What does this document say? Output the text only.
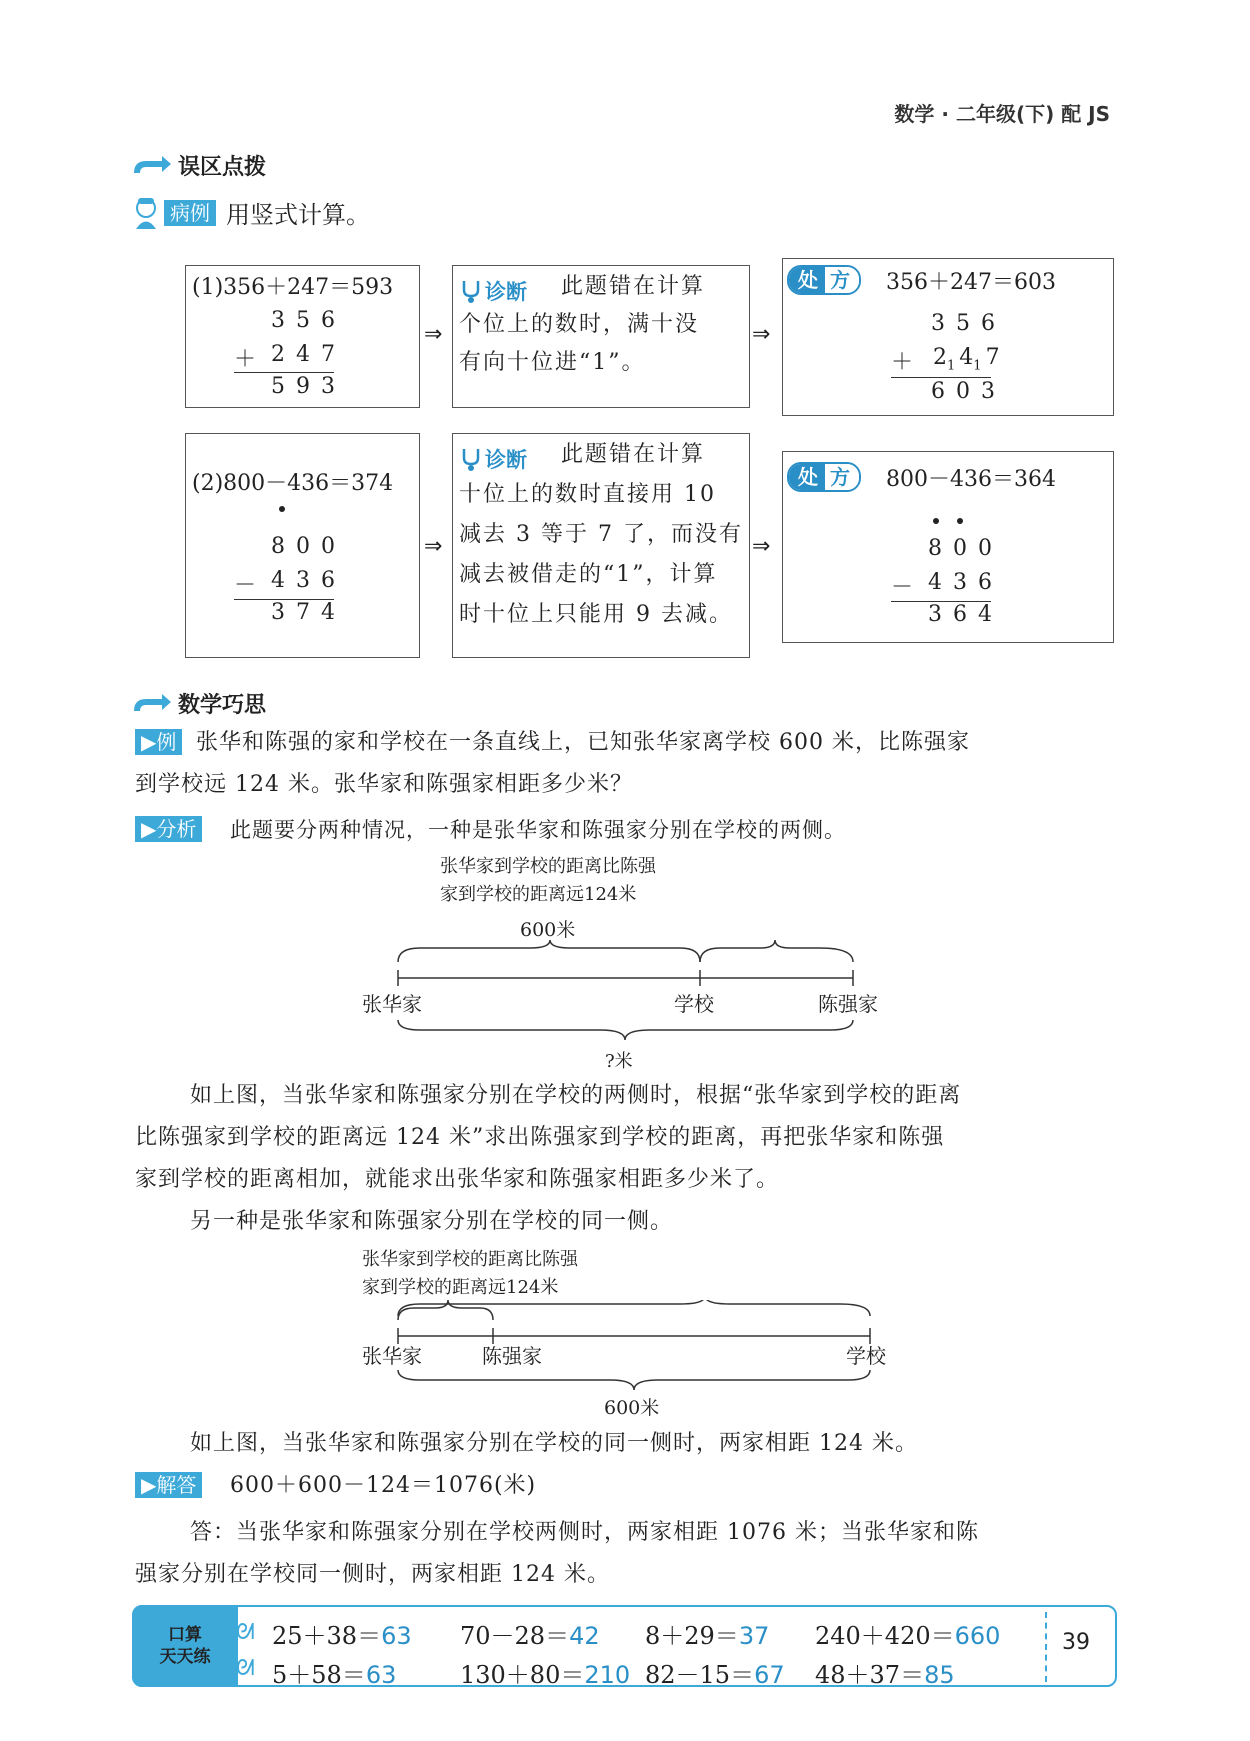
数学 · 二年级(下) 配 JS
误区点拨
病例 用竖式计算。
(1)356＋247＝593
356
＋ 247
593
⇒
诊断 此题错在计算
个位上的数时，满十没
有向十位进“1”。
⇒
处 方	356＋247＝603
356
＋ $2_1$ $4_1$ 7
603
(2)800－436＝374
800
－ 436
374
⇒
诊断 此题错在计算
十位上的数时直接用 10
减去 3 等于 7 了，而没有
减去被借走的“1”，计算
时十位上只能用 9 去减。
⇒
处 方	800－436＝364
800
－ 436
364
数学巧思
▶例 张华和陈强的家和学校在一条直线上，已知张华家离学校 600 米，比陈强家
到学校远 124 米。张华家和陈强家相距多少米？
▶分析 此题要分两种情况，一种是张华家和陈强家分别在学校的两侧。
张华家到学校的距离比陈强
家到学校的距离远124米
600米
张华家	学校	陈强家
?米
如上图，当张华家和陈强家分别在学校的两侧时，根据“张华家到学校的距离
比陈强家到学校的距离远 124 米”求出陈强家到学校的距离，再把张华家和陈强
家到学校的距离相加，就能求出张华家和陈强家相距多少米了。
另一种是张华家和陈强家分别在学校的同一侧。
张华家到学校的距离比陈强
家到学校的距离远124米
张华家	陈强家	学校
600米
如上图，当张华家和陈强家分别在学校的同一侧时，两家相距 124 米。
▶解答 600＋600－124＝1076(米)
答：当张华家和陈强家分别在学校两侧时，两家相距 1076 米；当张华家和陈
强家分别在学校同一侧时，两家相距 124 米。
口算
天天练
ᘛ
ᘛ
25＋38＝63 70－28＝42 8＋29＝37 240＋420＝660
5＋58＝63	130＋80＝210 82－15＝67 48＋37＝85
39
